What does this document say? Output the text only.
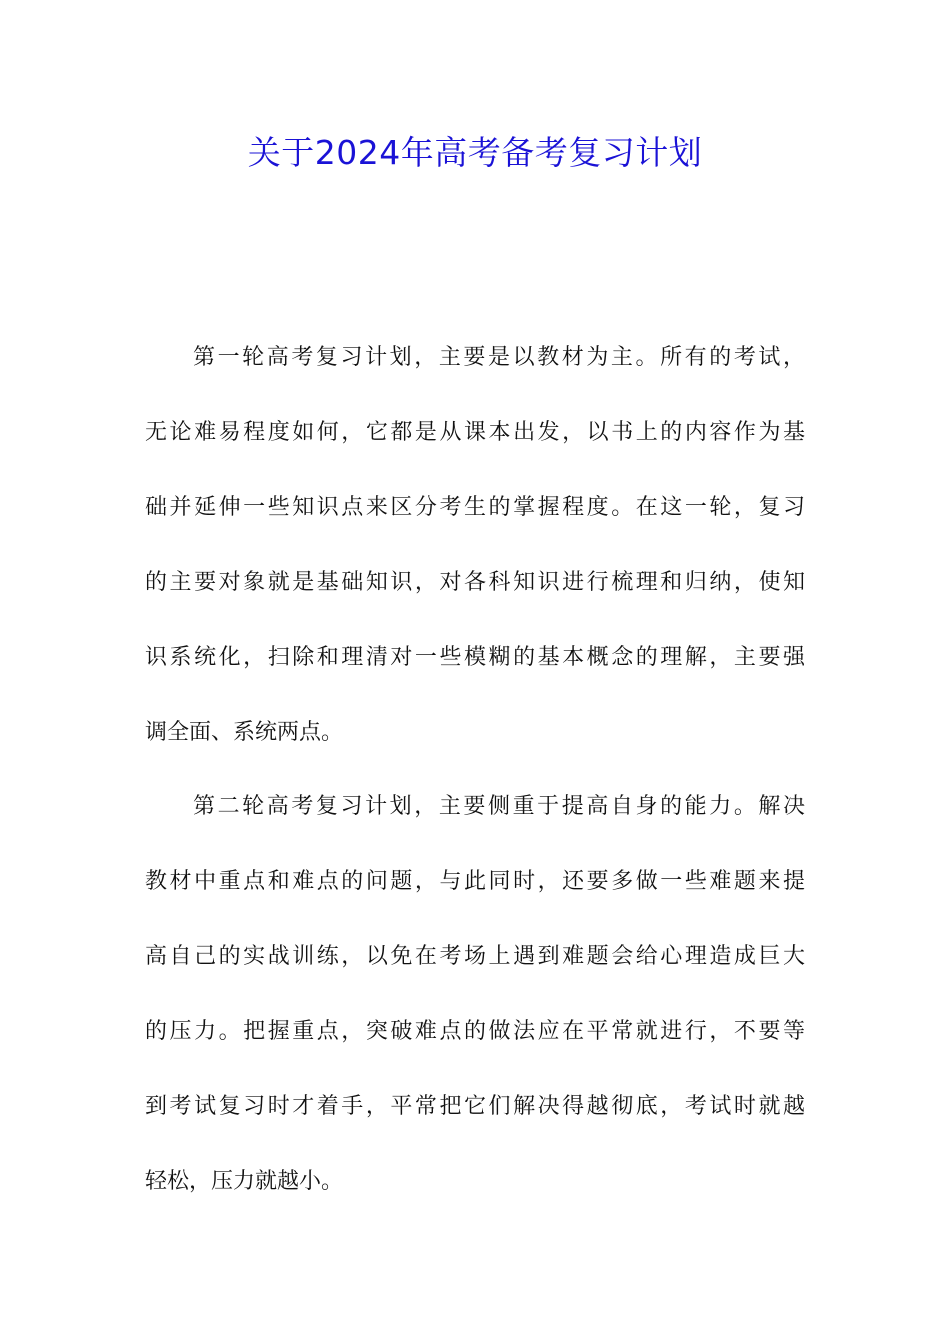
关于2024年高考备考复习计划
第一轮高考复习计划，主要是以教材为主。所有的考试，
无论难易程度如何，它都是从课本出发，以书上的内容作为基
础并延伸一些知识点来区分考生的掌握程度。在这一轮，复习
的主要对象就是基础知识，对各科知识进行梳理和归纳，使知
识系统化，扫除和理清对一些模糊的基本概念的理解，主要强
调全面、系统两点。
第二轮高考复习计划，主要侧重于提高自身的能力。解决
教材中重点和难点的问题，与此同时，还要多做一些难题来提
高自己的实战训练，以免在考场上遇到难题会给心理造成巨大
的压力。把握重点，突破难点的做法应在平常就进行，不要等
到考试复习时才着手，平常把它们解决得越彻底，考试时就越
轻松，压力就越小。
